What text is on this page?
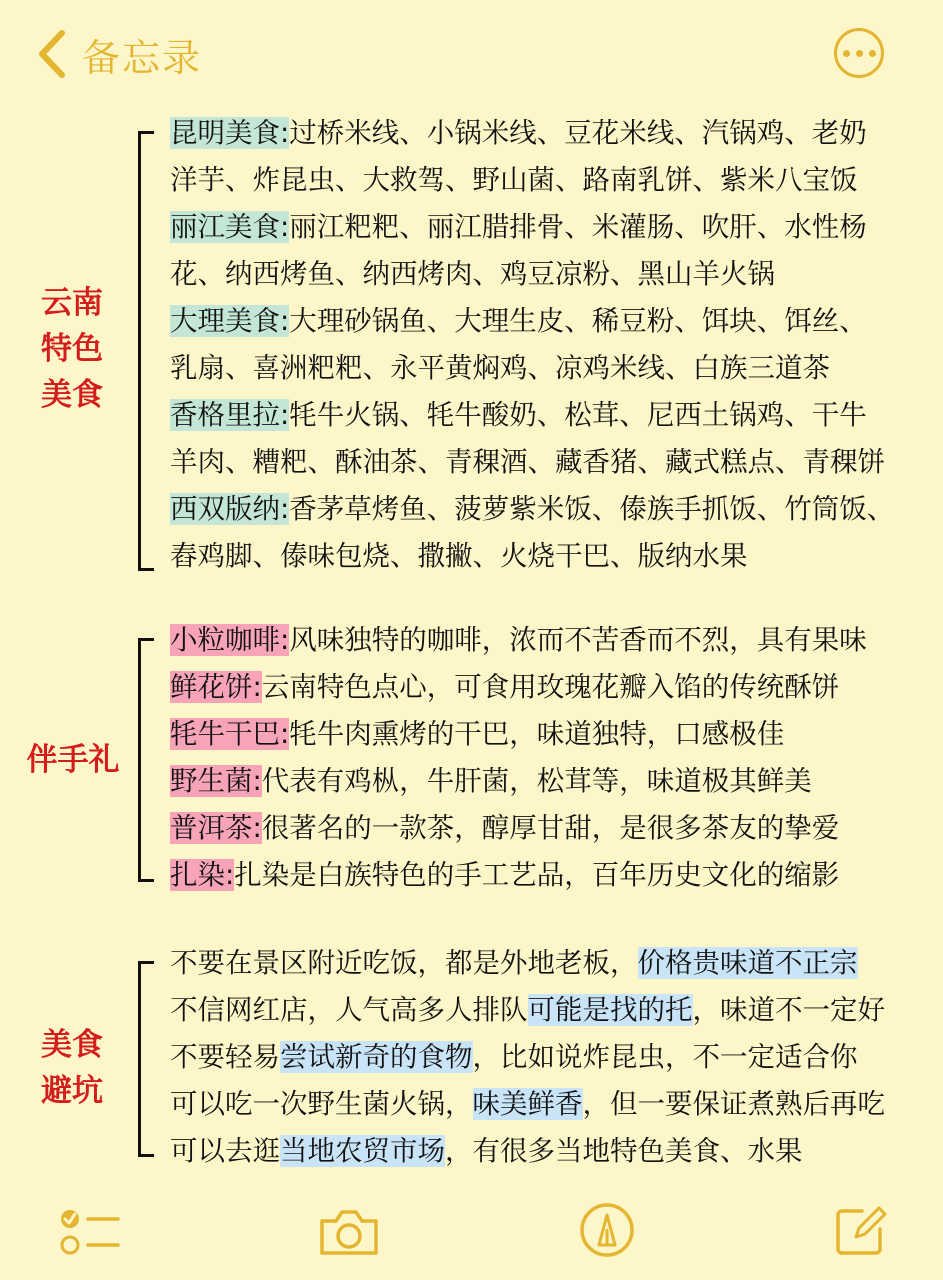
备忘录
云南
特色
美食
昆明美食:过桥米线、小锅米线、豆花米线、汽锅鸡、老奶
洋芋、炸昆虫、大救驾、野山菌、路南乳饼、紫米八宝饭
丽江美食:丽江粑粑、丽江腊排骨、米灌肠、吹肝、水性杨
花、纳西烤鱼、纳西烤肉、鸡豆凉粉、黑山羊火锅
大理美食:大理砂锅鱼、大理生皮、稀豆粉、饵块、饵丝、
乳扇、喜洲粑粑、永平黄焖鸡、凉鸡米线、白族三道茶
香格里拉:牦牛火锅、牦牛酸奶、松茸、尼西土锅鸡、干牛
羊肉、糟粑、酥油茶、青稞酒、藏香猪、藏式糕点、青稞饼
西双版纳:香茅草烤鱼、菠萝紫米饭、傣族手抓饭、竹筒饭、
舂鸡脚、傣味包烧、撒撇、火烧干巴、版纳水果
伴手礼
小粒咖啡:风味独特的咖啡，浓而不苦香而不烈，具有果味
鲜花饼:云南特色点心，可食用玫瑰花瓣入馅的传统酥饼
牦牛干巴:牦牛肉熏烤的干巴，味道独特，口感极佳
野生菌:代表有鸡枞，牛肝菌，松茸等，味道极其鲜美
普洱茶:很著名的一款茶，醇厚甘甜，是很多茶友的挚爱
扎染:扎染是白族特色的手工艺品，百年历史文化的缩影
美食
避坑
不要在景区附近吃饭，都是外地老板，价格贵味道不正宗
不信网红店，人气高多人排队可能是找的托，味道不一定好
不要轻易尝试新奇的食物，比如说炸昆虫，不一定适合你
可以吃一次野生菌火锅，味美鲜香，但一要保证煮熟后再吃
可以去逛当地农贸市场，有很多当地特色美食、水果
